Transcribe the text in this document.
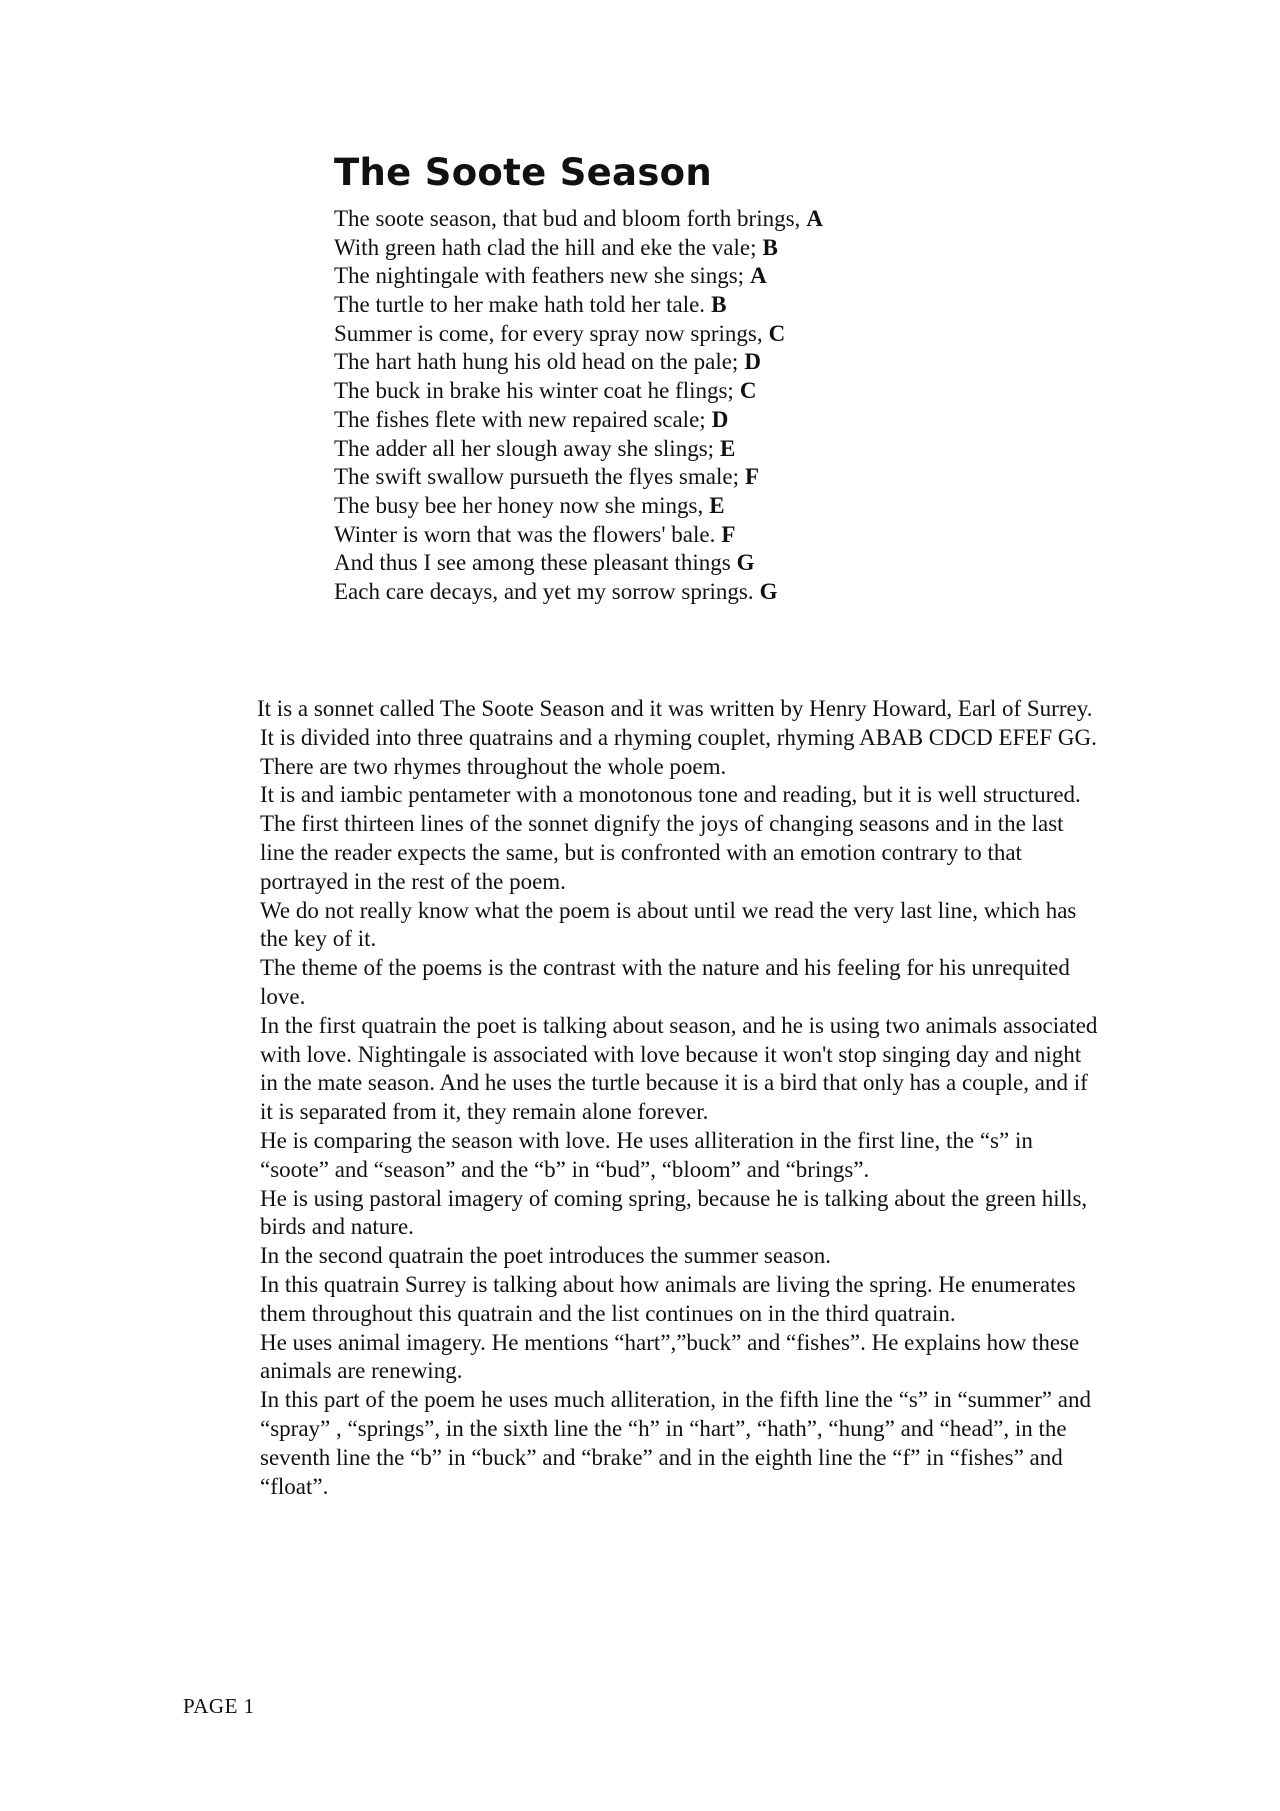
The Soote Season
The soote season, that bud and bloom forth brings, A
With green hath clad the hill and eke the vale; B
The nightingale with feathers new she sings; A
The turtle to her make hath told her tale. B
Summer is come, for every spray now springs, C
The hart hath hung his old head on the pale; D
The buck in brake his winter coat he flings; C
The fishes flete with new repaired scale; D
The adder all her slough away she slings; E
The swift swallow pursueth the flyes smale; F
The busy bee her honey now she mings, E
Winter is worn that was the flowers' bale. F
And thus I see among these pleasant things G
Each care decays, and yet my sorrow springs. G

It is a sonnet called The Soote Season and it was written by Henry Howard, Earl of Surrey.

It is divided into three quatrains and a rhyming couplet, rhyming ABAB CDCD EFEF GG.

There are two rhymes throughout the whole poem.

It is and iambic pentameter with a monotonous tone and reading, but it is well structured.

The first thirteen lines of the sonnet dignify the joys of changing seasons and in the last line the reader expects the same, but is confronted with an emotion contrary to that portrayed in the rest of the poem.

We do not really know what the poem is about until we read the very last line, which has the key of it.

The theme of the poems is the contrast with the nature and his feeling for his unrequited love.

In the first quatrain the poet is talking about season, and he is using two animals associated with love. Nightingale is associated with love because it won't stop singing day and night in the mate season. And he uses the turtle because it is a bird that only has a couple, and if it is separated from it, they remain alone forever.

He is comparing the season with love. He uses alliteration in the first line, the “s” in “soote” and “season” and the “b” in “bud”, “bloom” and “brings”.

He is using pastoral imagery of coming spring, because he is talking about the green hills, birds and nature.

In the second quatrain the poet introduces the summer season.

In this quatrain Surrey is talking about how animals are living the spring. He enumerates them throughout this quatrain and the list continues on in the third quatrain.

He uses animal imagery. He mentions “hart”,”buck” and “fishes”. He explains how these animals are renewing.

In this part of the poem he uses much alliteration, in the fifth line the “s” in “summer” and “spray” , “springs”, in the sixth line the “h” in “hart”, “hath”, “hung” and “head”, in the seventh line the “b” in “buck” and “brake” and in the eighth line the “f” in “fishes” and “float”.

PAGE 1
